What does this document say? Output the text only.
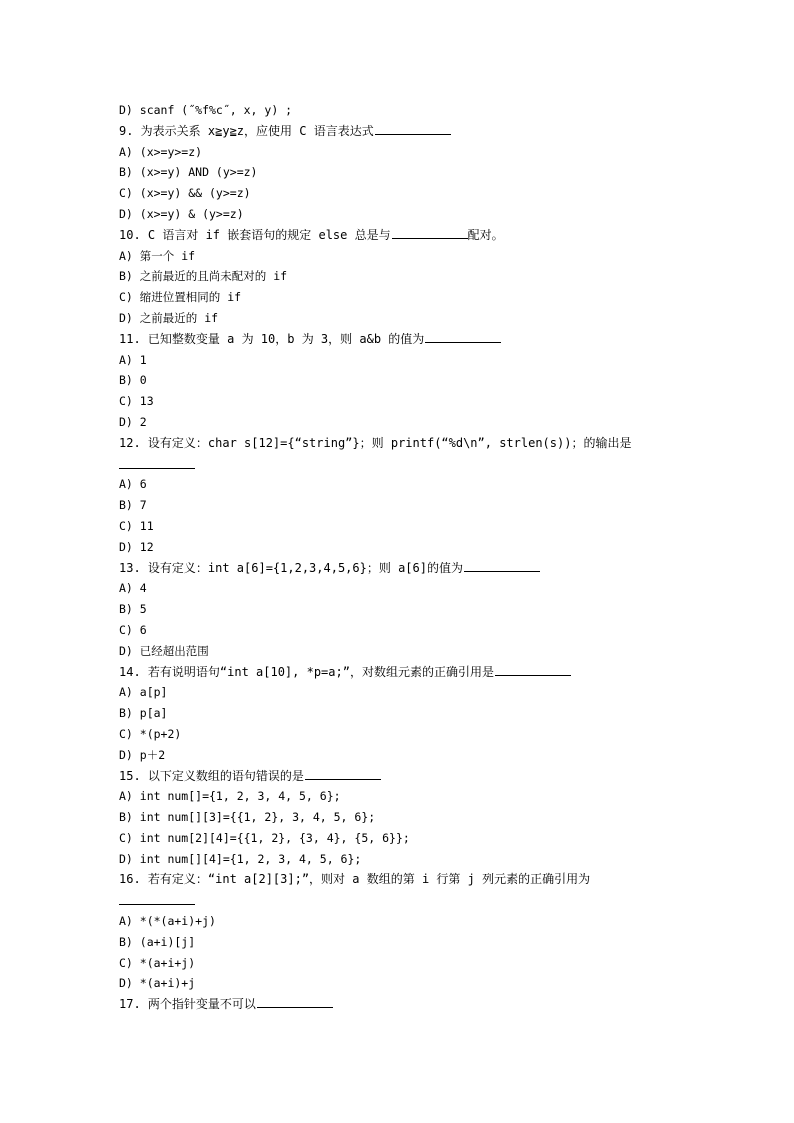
D) scanf (˝%f%c˝, x, y) ;
9. 为表示关系 x≧y≧z，应使用 C 语言表达式
A) (x>=y>=z)
B) (x>=y) AND (y>=z)
C) (x>=y) && (y>=z)
D) (x>=y) & (y>=z)
10. C 语言对 if 嵌套语句的规定 else 总是与	配对。
A) 第一个 if
B) 之前最近的且尚未配对的 if
C) 缩进位置相同的 if
D) 之前最近的 if
11. 已知整数变量 a 为 10，b 为 3，则 a&b 的值为
A) 1
B) 0
C) 13
D) 2
12. 设有定义：char s[12]={“string”}；则 printf(“%d\n”, strlen(s))；的输出是
A) 6
B) 7
C) 11
D) 12
13. 设有定义：int a[6]={1,2,3,4,5,6}；则 a[6]的值为
A) 4
B) 5
C) 6
D) 已经超出范围
14. 若有说明语句“int a[10], *p=a;”，对数组元素的正确引用是
A) a[p]
B) p[a]
C) *(p+2)
D) p＋2
15. 以下定义数组的语句错误的是
A) int num[]={1, 2, 3, 4, 5, 6};
B) int num[][3]={{1, 2}, 3, 4, 5, 6};
C) int num[2][4]={{1, 2}, {3, 4}, {5, 6}};
D) int num[][4]={1, 2, 3, 4, 5, 6};
16. 若有定义：“int a[2][3];”，则对 a 数组的第 i 行第 j 列元素的正确引用为
A) *(*(a+i)+j)
B) (a+i)[j]
C) *(a+i+j)
D) *(a+i)+j
17. 两个指针变量不可以
